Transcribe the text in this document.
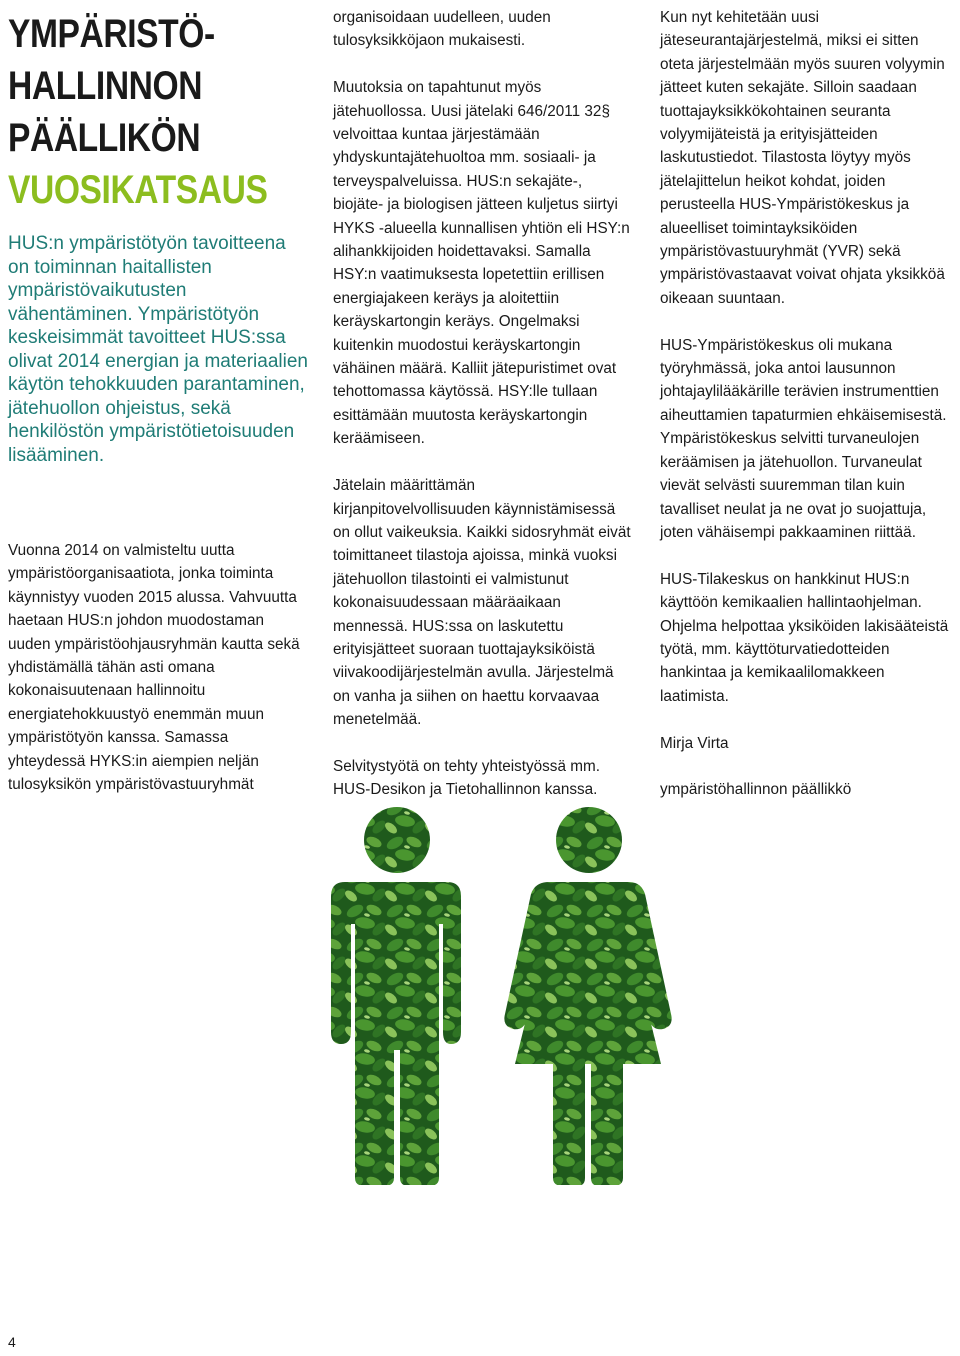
YMPÄRISTÖ-
HALLINNON
PÄÄLLIKÖN
VUOSIKATSAUS

HUS:n ympäristötyön tavoitteena on toiminnan haitallisten ympäristövaikutusten vähentäminen. Ympäristötyön keskeisimmät tavoitteet HUS:ssa olivat 2014 energian ja materiaalien käytön tehokkuuden parantaminen, jätehuollon ohjeistus, sekä henkilöstön ympäristötietoisuuden lisääminen.

Vuonna 2014 on valmisteltu uutta ympäristöorganisaatiota, jonka toiminta käynnistyy vuoden 2015 alussa. Vahvuutta haetaan HUS:n johdon muodostaman uuden ympäristöohjausryhmän kautta sekä yhdistämällä tähän asti omana kokonaisuutenaan hallinnoitu energiatehokkuustyö enemmän muun ympäristötyön kanssa. Samassa yhteydessä HYKS:in aiempien neljän tulosyksikön ympäristövastuuryhmät

organisoidaan uudelleen, uuden tulosyksikköjaon mukaisesti.

Muutoksia on tapahtunut myös jätehuollossa. Uusi jätelaki 646/2011 32§ velvoittaa kuntaa järjestämään yhdyskuntajätehuoltoa mm. sosiaali- ja terveyspalveluissa. HUS:n sekajäte-, biojäte- ja biologisen jätteen kuljetus siirtyi HYKS -alueella kunnallisen yhtiön eli HSY:n alihankkijoiden hoidettavaksi. Samalla HSY:n vaatimuksesta lopetettiin erillisen energiajakeen keräys ja aloitettiin keräyskartongin keräys. Ongelmaksi kuitenkin muodostui keräyskartongin vähäinen määrä. Kalliit jätepuristimet ovat tehottomassa käytössä. HSY:lle tullaan esittämään muutosta keräyskartongin keräämiseen.

Jätelain määrittämän kirjanpitovelvollisuuden käynnistämisessä on ollut vaikeuksia. Kaikki sidosryhmät eivät toimittaneet tilastoja ajoissa, minkä vuoksi jätehuollon tilastointi ei valmistunut kokonaisuudessaan määräaikaan mennessä. HUS:ssa on laskutettu erityisjätteet suoraan tuottajayksiköistä viivakoodijärjestelmän avulla. Järjestelmä on vanha ja siihen on haettu korvaavaa menetelmää.

Selvitystyötä on tehty yhteistyössä mm. HUS-Desikon ja Tietohallinnon kanssa.

Kun nyt kehitetään uusi jäteseurantajärjestelmä, miksi ei sitten oteta järjestelmään myös suuren volyymin jätteet kuten sekajäte. Silloin saadaan tuottajayksikkökohtainen seuranta volyymijäteistä ja erityisjätteiden laskutustiedot. Tilastosta löytyy myös jätelajittelun heikot kohdat, joiden perusteella HUS-Ympäristökeskus ja alueelliset toimintayksiköiden ympäristövastuuryhmät (YVR) sekä ympäristövastaavat voivat ohjata yksikköä oikeaan suuntaan.

HUS-Ympäristökeskus oli mukana työryhmässä, joka antoi lausunnon johtajaylilääkärille terävien instrumenttien aiheuttamien tapaturmien ehkäisemisestä. Ympäristökeskus selvitti turvaneulojen keräämisen ja jätehuollon. Turvaneulat vievät selvästi suuremman tilan kuin tavalliset neulat ja ne ovat jo suojattuja, joten vähäisempi pakkaaminen riittää.

HUS-Tilakeskus on hankkinut HUS:n käyttöön kemikaalien hallintaohjelman. Ohjelma helpottaa yksiköiden lakisääteistä työtä, mm. käyttöturvatiedotteiden hankintaa ja kemikaalilomakkeen laatimista.

Mirja Virta

ympäristöhallinnon päällikkö

4
